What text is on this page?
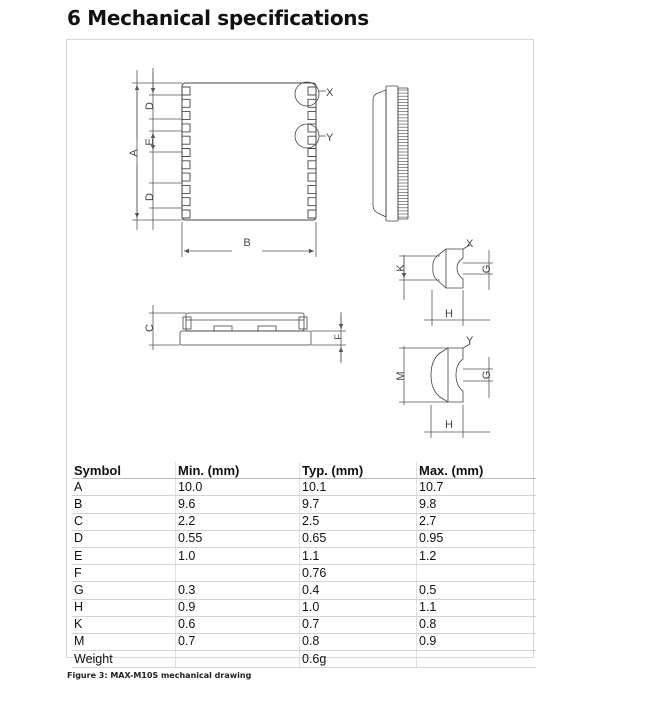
6 Mechanical specifications
A
D
E
D
B
X
Y
C
F
X
K	G
H
Y
M	G
H
Symbol	Min. (mm)	Typ. (mm)	Max. (mm)
A	10.0	10.1	10.7
B	9.6	9.7	9.8
C	2.2	2.5	2.7
D	0.55	0.65	0.95
E	1.0	1.1	1.2
F		0.76	
G	0.3	0.4	0.5
H	0.9	1.0	1.1
K	0.6	0.7	0.8
M	0.7	0.8	0.9
Weight		0.6g	
Figure 3: MAX-M10S mechanical drawing
